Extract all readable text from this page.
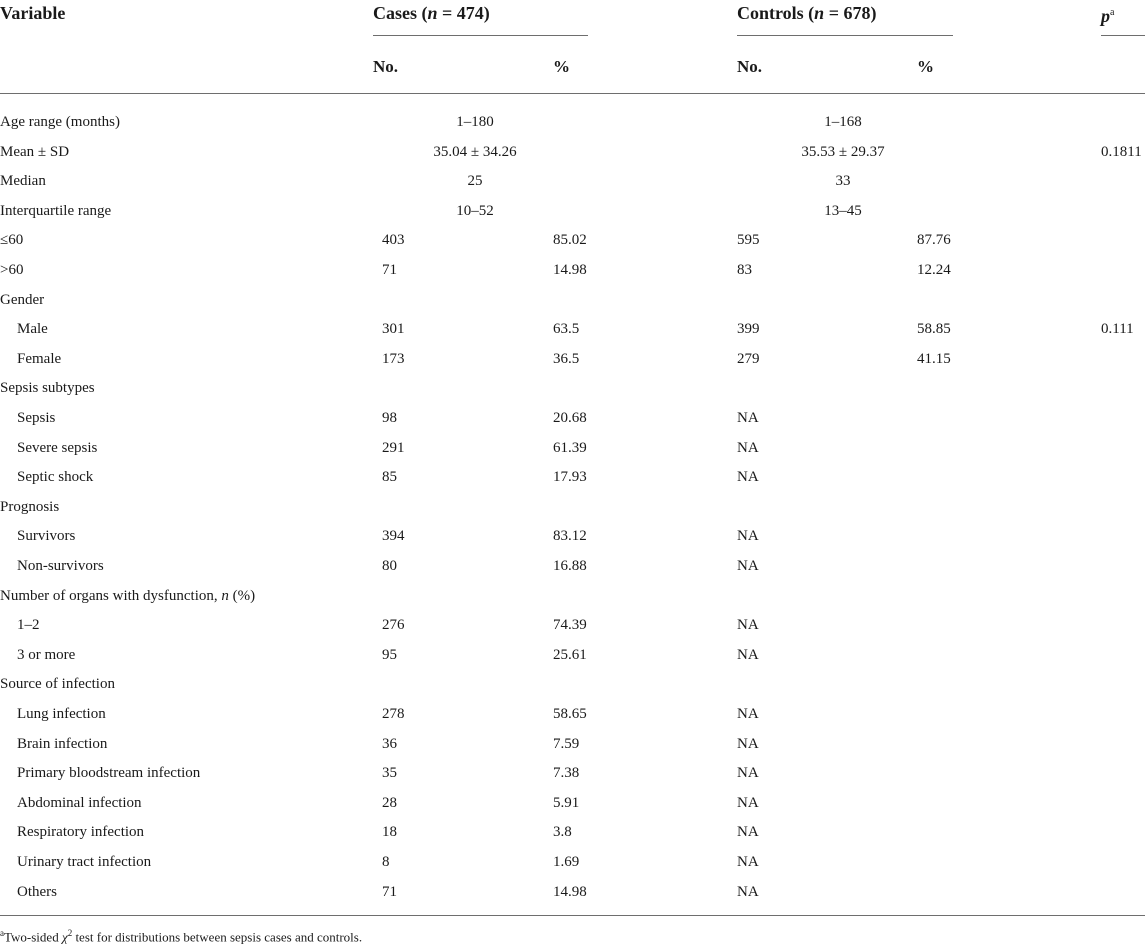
Variable	Cases (n = 474)	Controls (n = 678)	$p^a$
No.	%	No.	%
Age range (months)	1–180	1–168
Mean ± SD	35.04 ± 34.26	35.53 ± 29.37	0.1811
Median	25	33
Interquartile range	10–52	13–45
≤60	403	85.02	595	87.76
>60	71	14.98	83	12.24
Gender
Male	301	63.5	399	58.85	0.111
Female	173	36.5	279	41.15
Sepsis subtypes
Sepsis	98	20.68	NA
Severe sepsis	291	61.39	NA
Septic shock	85	17.93	NA
Prognosis
Survivors	394	83.12	NA
Non-survivors	80	16.88	NA
Number of organs with dysfunction, n (%)
1–2	276	74.39	NA
3 or more	95	25.61	NA
Source of infection
Lung infection	278	58.65	NA
Brain infection	36	7.59	NA
Primary bloodstream infection	35	7.38	NA
Abdominal infection	28	5.91	NA
Respiratory infection	18	3.8	NA
Urinary tract infection	8	1.69	NA
Others	71	14.98	NA
$^a$Two-sided $\chi^2$ test for distributions between sepsis cases and controls.
